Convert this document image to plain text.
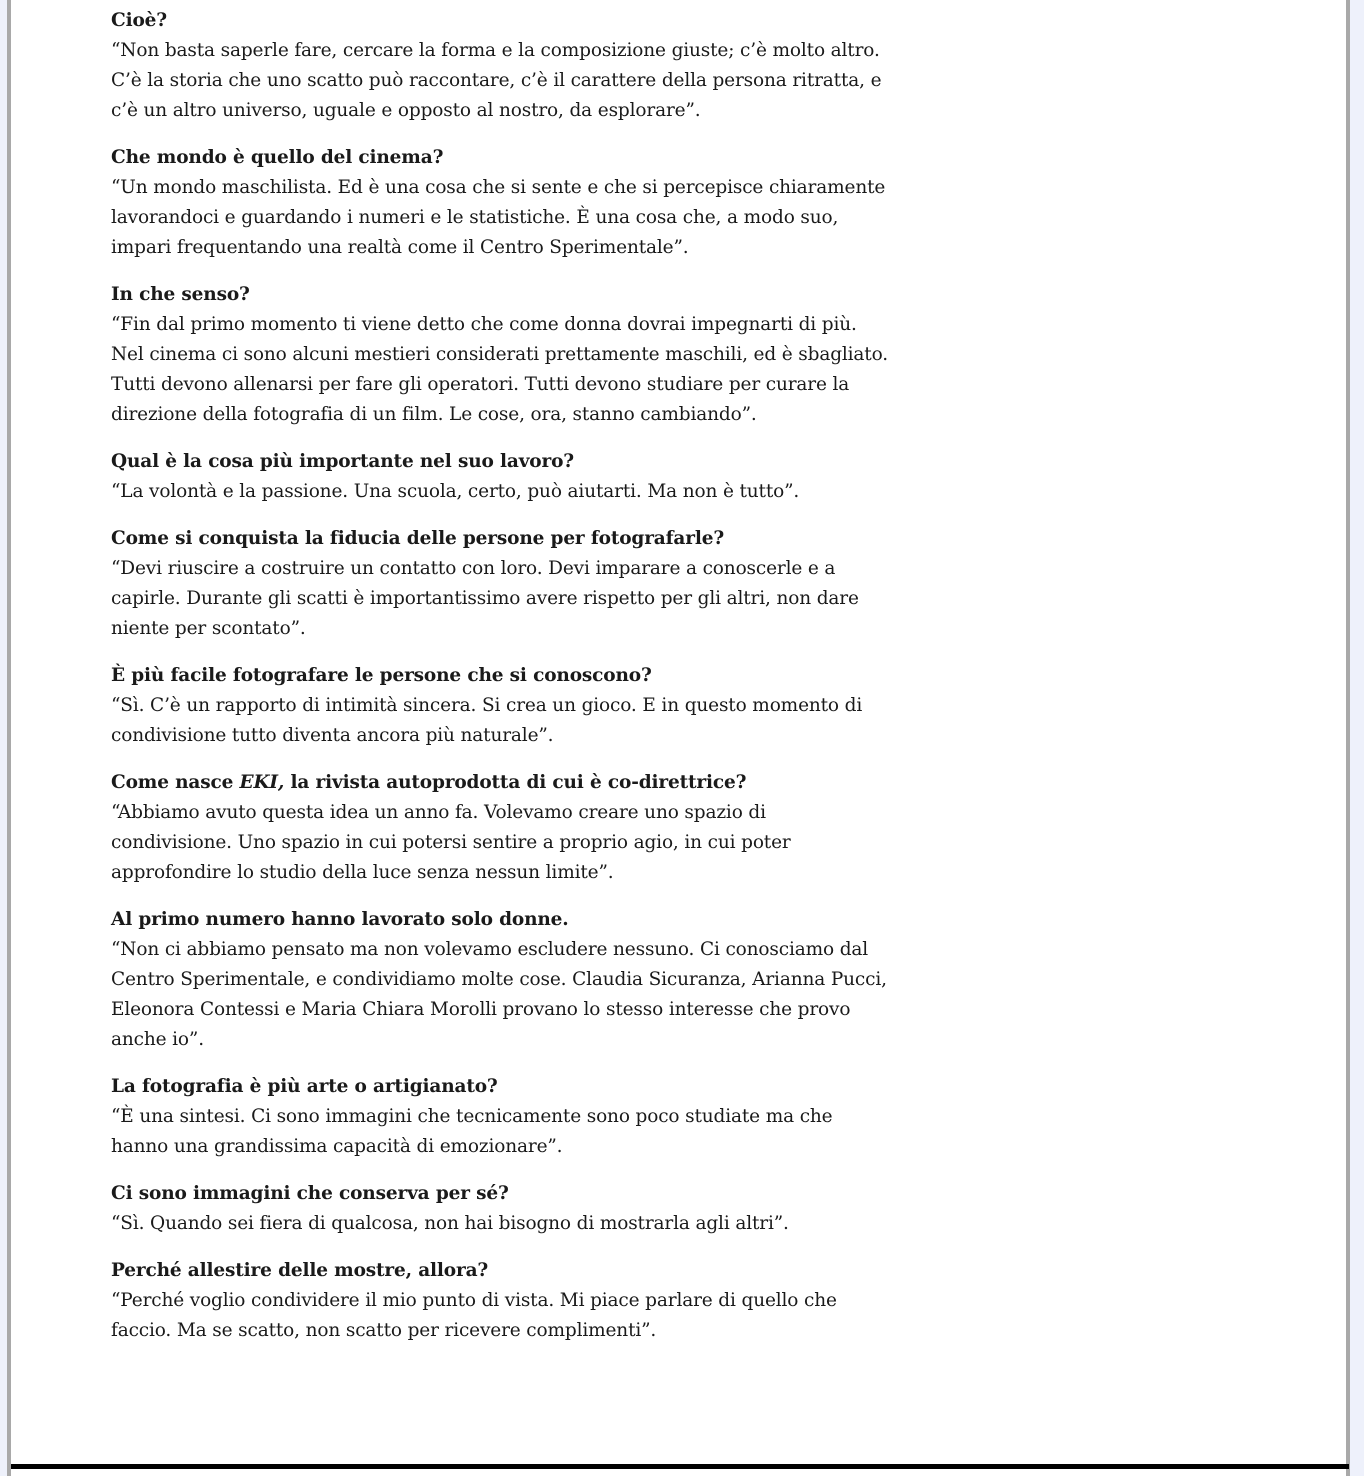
Cioè?

“Non basta saperle fare, cercare la forma e la composizione giuste; c’è molto altro. C’è la storia che uno scatto può raccontare, c’è il carattere della persona ritratta, e c’è un altro universo, uguale e opposto al nostro, da esplorare”.

Che mondo è quello del cinema?

“Un mondo maschilista. Ed è una cosa che si sente e che si percepisce chiaramente lavorandoci e guardando i numeri e le statistiche. È una cosa che, a modo suo, impari frequentando una realtà come il Centro Sperimentale”.

In che senso?

“Fin dal primo momento ti viene detto che come donna dovrai impegnarti di più. Nel cinema ci sono alcuni mestieri considerati prettamente maschili, ed è sbagliato. Tutti devono allenarsi per fare gli operatori. Tutti devono studiare per curare la direzione della fotografia di un film. Le cose, ora, stanno cambiando”.

Qual è la cosa più importante nel suo lavoro?

“La volontà e la passione. Una scuola, certo, può aiutarti. Ma non è tutto”.

Come si conquista la fiducia delle persone per fotografarle?

“Devi riuscire a costruire un contatto con loro. Devi imparare a conoscerle e a capirle. Durante gli scatti è importantissimo avere rispetto per gli altri, non dare niente per scontato”.

È più facile fotografare le persone che si conoscono?

“Sì. C’è un rapporto di intimità sincera. Si crea un gioco. E in questo momento di condivisione tutto diventa ancora più naturale”.

Come nasce EKI, la rivista autoprodotta di cui è co-direttrice?

“Abbiamo avuto questa idea un anno fa. Volevamo creare uno spazio di condivisione. Uno spazio in cui potersi sentire a proprio agio, in cui poter approfondire lo studio della luce senza nessun limite”.

Al primo numero hanno lavorato solo donne.

“Non ci abbiamo pensato ma non volevamo escludere nessuno. Ci conosciamo dal Centro Sperimentale, e condividiamo molte cose. Claudia Sicuranza, Arianna Pucci, Eleonora Contessi e Maria Chiara Morolli provano lo stesso interesse che provo anche io”.

La fotografia è più arte o artigianato?

“È una sintesi. Ci sono immagini che tecnicamente sono poco studiate ma che hanno una grandissima capacità di emozionare”.

Ci sono immagini che conserva per sé?

“Sì. Quando sei fiera di qualcosa, non hai bisogno di mostrarla agli altri”.

Perché allestire delle mostre, allora?

“Perché voglio condividere il mio punto di vista. Mi piace parlare di quello che faccio. Ma se scatto, non scatto per ricevere complimenti”.
